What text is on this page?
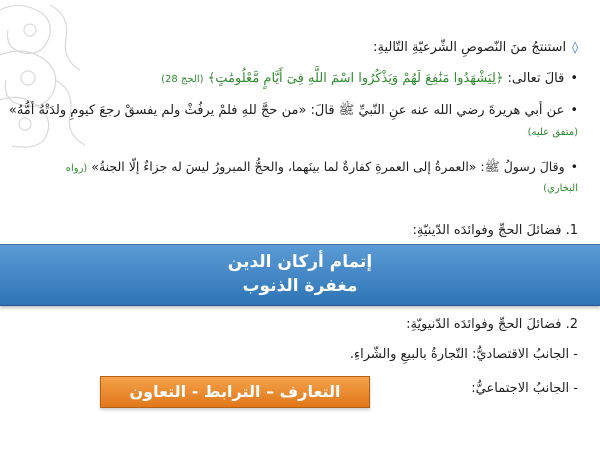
◊استنتجُ منَ النّصوصِ الشّرعيّةِ التّاليةِ:
•قالَ تعالى: ﴿لِيَشْهَدُوا مَنَٰفِعَ لَهُمْ وَيَذْكُرُوا اسْمَ اللَّهِ فِىٓ أَيَّامٍ مَّعْلُومَٰتٍ﴾ (الحج 28)
•عن أبي هريرةَ رضي الله عنه عنِ النّبيِّ ﷺ قالَ: «من حجَّ للهِ فلمْ يرفُثْ ولم يفسقْ رجعَ كيومِ ولدَتْهُ أمُّهُ»
(متفق عليه)
•وقالَ رسولُ ﷺ: «العمرةُ إلى العمرةِ كفارةٌ لما بينَهما، والحجُّ المبرورُ ليسَ له جزاءٌ إلّا الجنةُ» (رواه
البخاري)
1. فضائلَ الحجِّ وفوائدَه الدّينيّةِ:
إتمام أركان الدين
مغفرة الذنوب
2. فضائلَ الحجِّ وفوائدَه الدّنيويّةِ:
- الجانبُ الاقتصاديُّ: التّجارةُ بالبيعِ والشّراءِ.
- الجانبُ الاجتماعيُّ:
التعارف – الترابط - التعاون
